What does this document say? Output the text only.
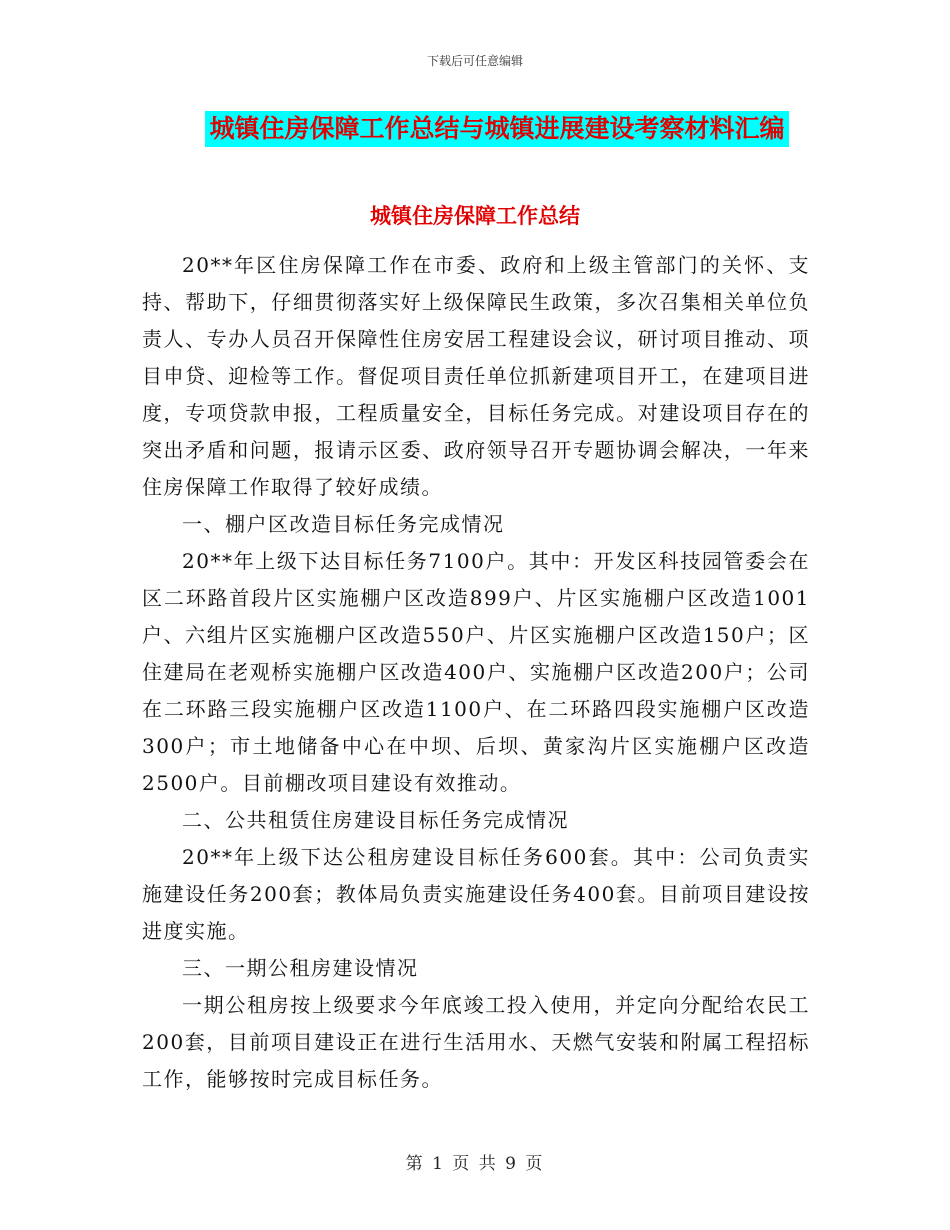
下载后可任意编辑
城镇住房保障工作总结与城镇进展建设考察材料汇编
城镇住房保障工作总结

20**年区住房保障工作在市委、政府和上级主管部门的关怀、支持、帮助下，仔细贯彻落实好上级保障民生政策，多次召集相关单位负责人、专办人员召开保障性住房安居工程建设会议，研讨项目推动、项目申贷、迎检等工作。督促项目责任单位抓新建项目开工，在建项目进度，专项贷款申报，工程质量安全，目标任务完成。对建设项目存在的突出矛盾和问题，报请示区委、政府领导召开专题协调会解决，一年来住房保障工作取得了较好成绩。

一、棚户区改造目标任务完成情况

20**年上级下达目标任务7100户。其中：开发区科技园管委会在区二环路首段片区实施棚户区改造899户、片区实施棚户区改造1001户、六组片区实施棚户区改造550户、片区实施棚户区改造150户；区住建局在老观桥实施棚户区改造400户、实施棚户区改造200户；公司在二环路三段实施棚户区改造1100户、在二环路四段实施棚户区改造300户；市土地储备中心在中坝、后坝、黄家沟片区实施棚户区改造2500户。目前棚改项目建设有效推动。

二、公共租赁住房建设目标任务完成情况

20**年上级下达公租房建设目标任务600套。其中：公司负责实施建设任务200套；教体局负责实施建设任务400套。目前项目建设按进度实施。

三、一期公租房建设情况

一期公租房按上级要求今年底竣工投入使用，并定向分配给农民工200套，目前项目建设正在进行生活用水、天燃气安装和附属工程招标工作，能够按时完成目标任务。

第 1 页 共 9 页
